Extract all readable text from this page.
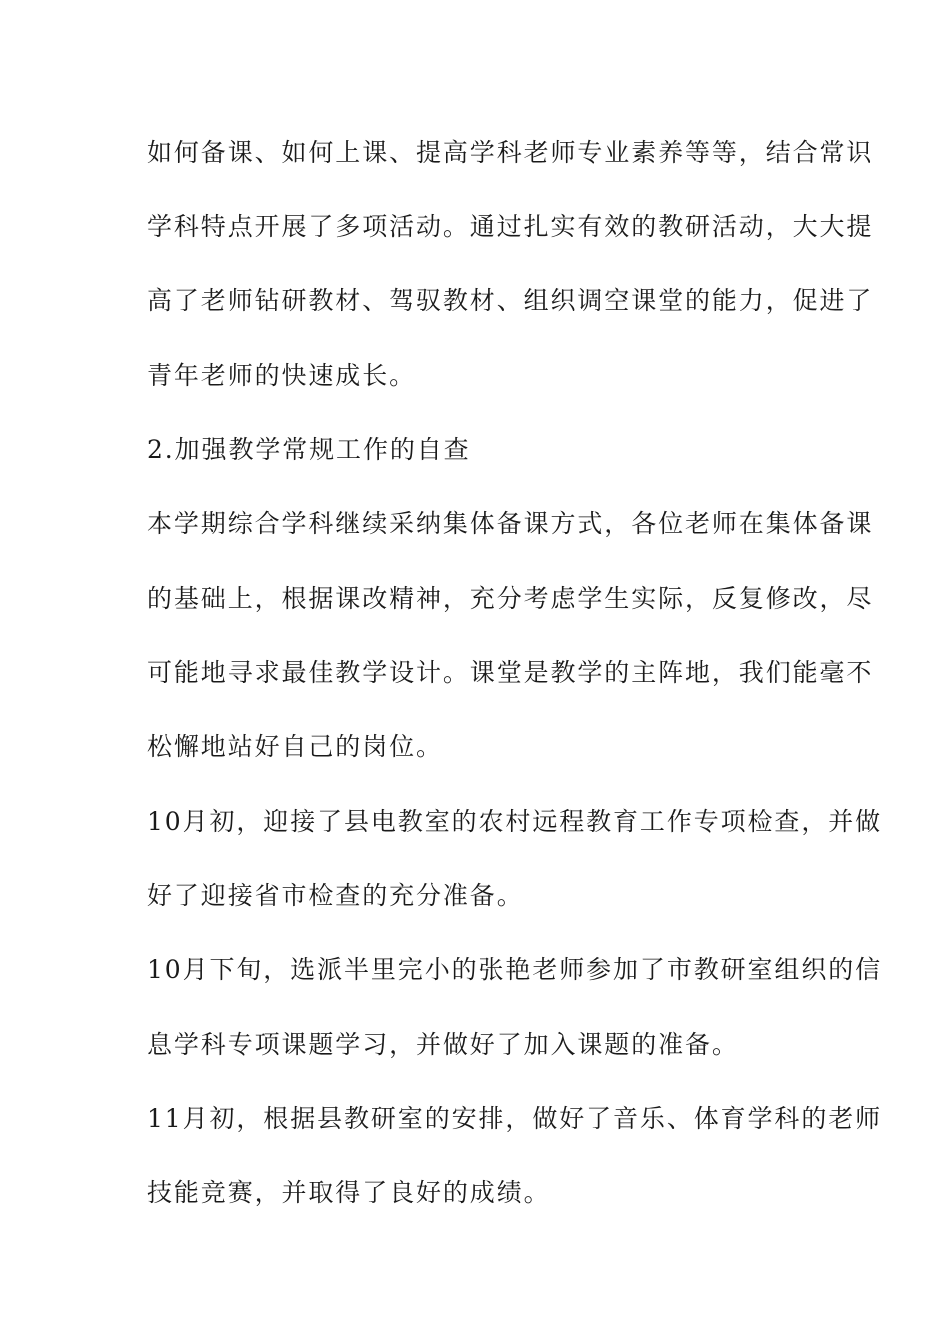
如何备课、如何上课、提高学科老师专业素养等等，结合常识
学科特点开展了多项活动。通过扎实有效的教研活动，大大提
高了老师钻研教材、驾驭教材、组织调空课堂的能力，促进了
青年老师的快速成长。
2.加强教学常规工作的自查
本学期综合学科继续采纳集体备课方式，各位老师在集体备课
的基础上，根据课改精神，充分考虑学生实际，反复修改，尽
可能地寻求最佳教学设计。课堂是教学的主阵地，我们能毫不
松懈地站好自己的岗位。
10月初，迎接了县电教室的农村远程教育工作专项检查，并做
好了迎接省市检查的充分准备。
10月下旬，选派半里完小的张艳老师参加了市教研室组织的信
息学科专项课题学习，并做好了加入课题的准备。
11月初，根据县教研室的安排，做好了音乐、体育学科的老师
技能竞赛，并取得了良好的成绩。
